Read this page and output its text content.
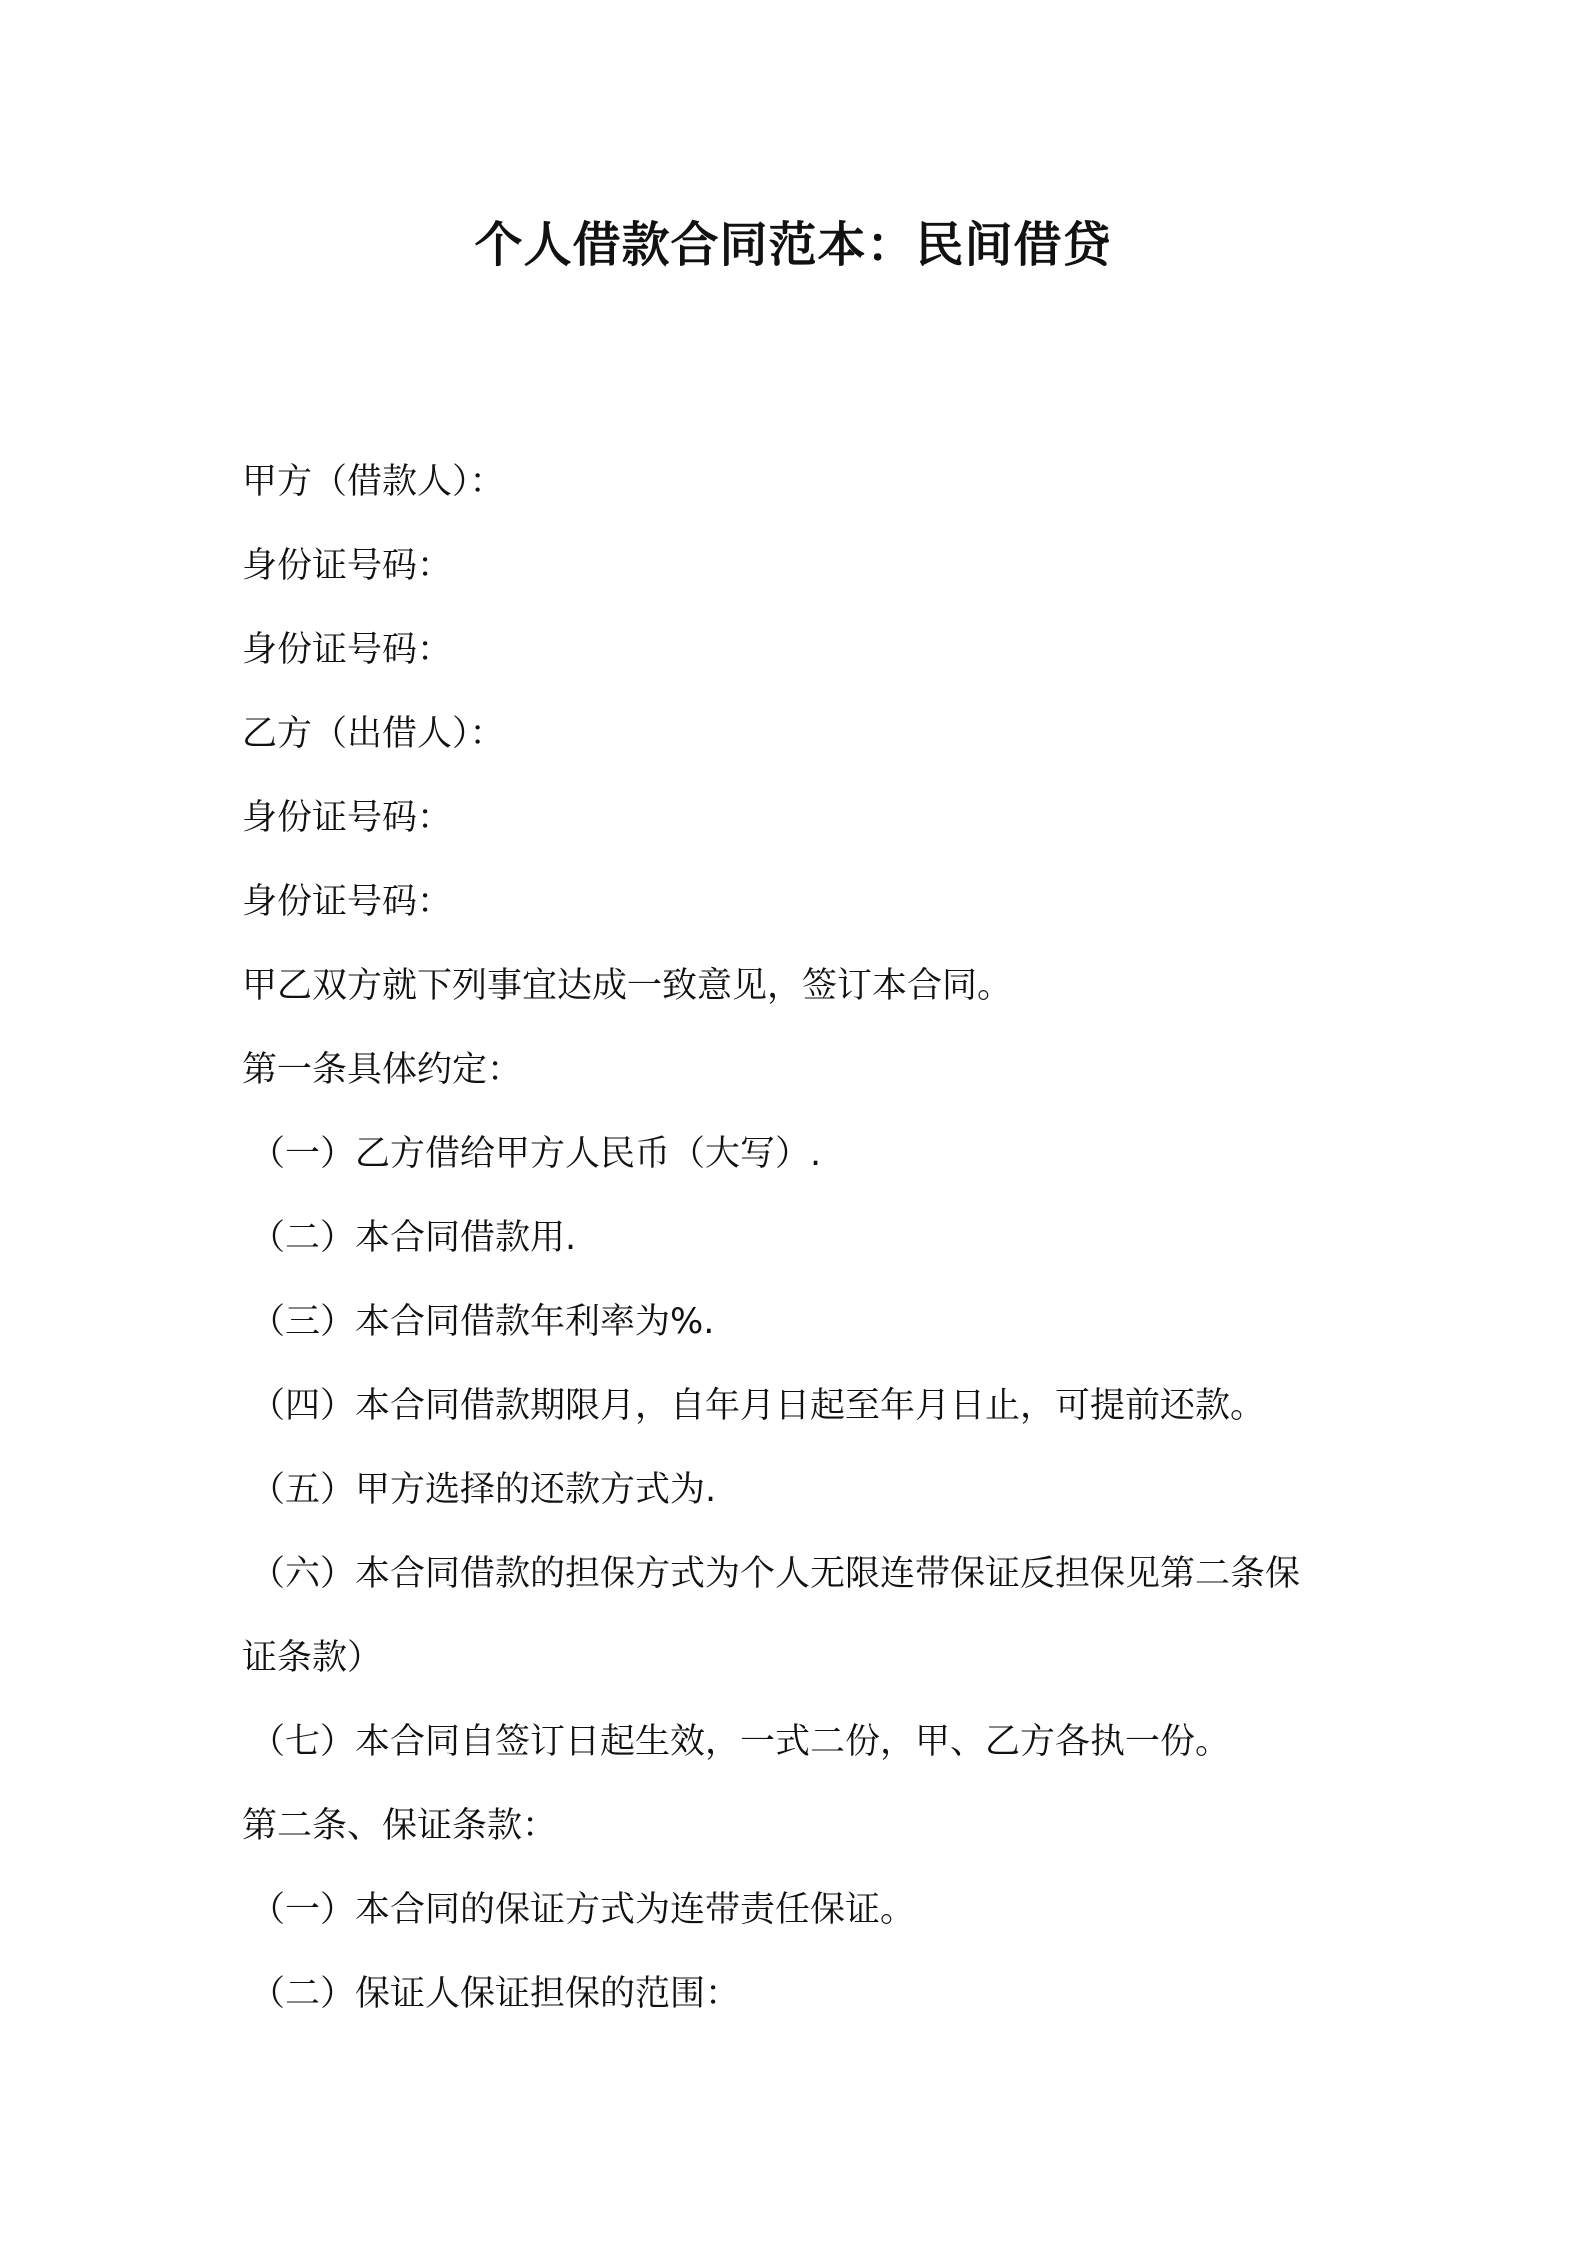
个人借款合同范本：民间借贷
甲方（借款人）：
身份证号码：
身份证号码：
乙方（出借人）：
身份证号码：
身份证号码：
甲乙双方就下列事宜达成一致意见，签订本合同。
第一条具体约定：
（一）乙方借给甲方人民币（大写）.
（二）本合同借款用.
（三）本合同借款年利率为%.
（四）本合同借款期限月，自年月日起至年月日止，可提前还款。
（五）甲方选择的还款方式为.
（六）本合同借款的担保方式为个人无限连带保证反担保见第二条保
证条款）
（七）本合同自签订日起生效，一式二份，甲、乙方各执一份。
第二条、保证条款：
（一）本合同的保证方式为连带责任保证。
（二）保证人保证担保的范围：
